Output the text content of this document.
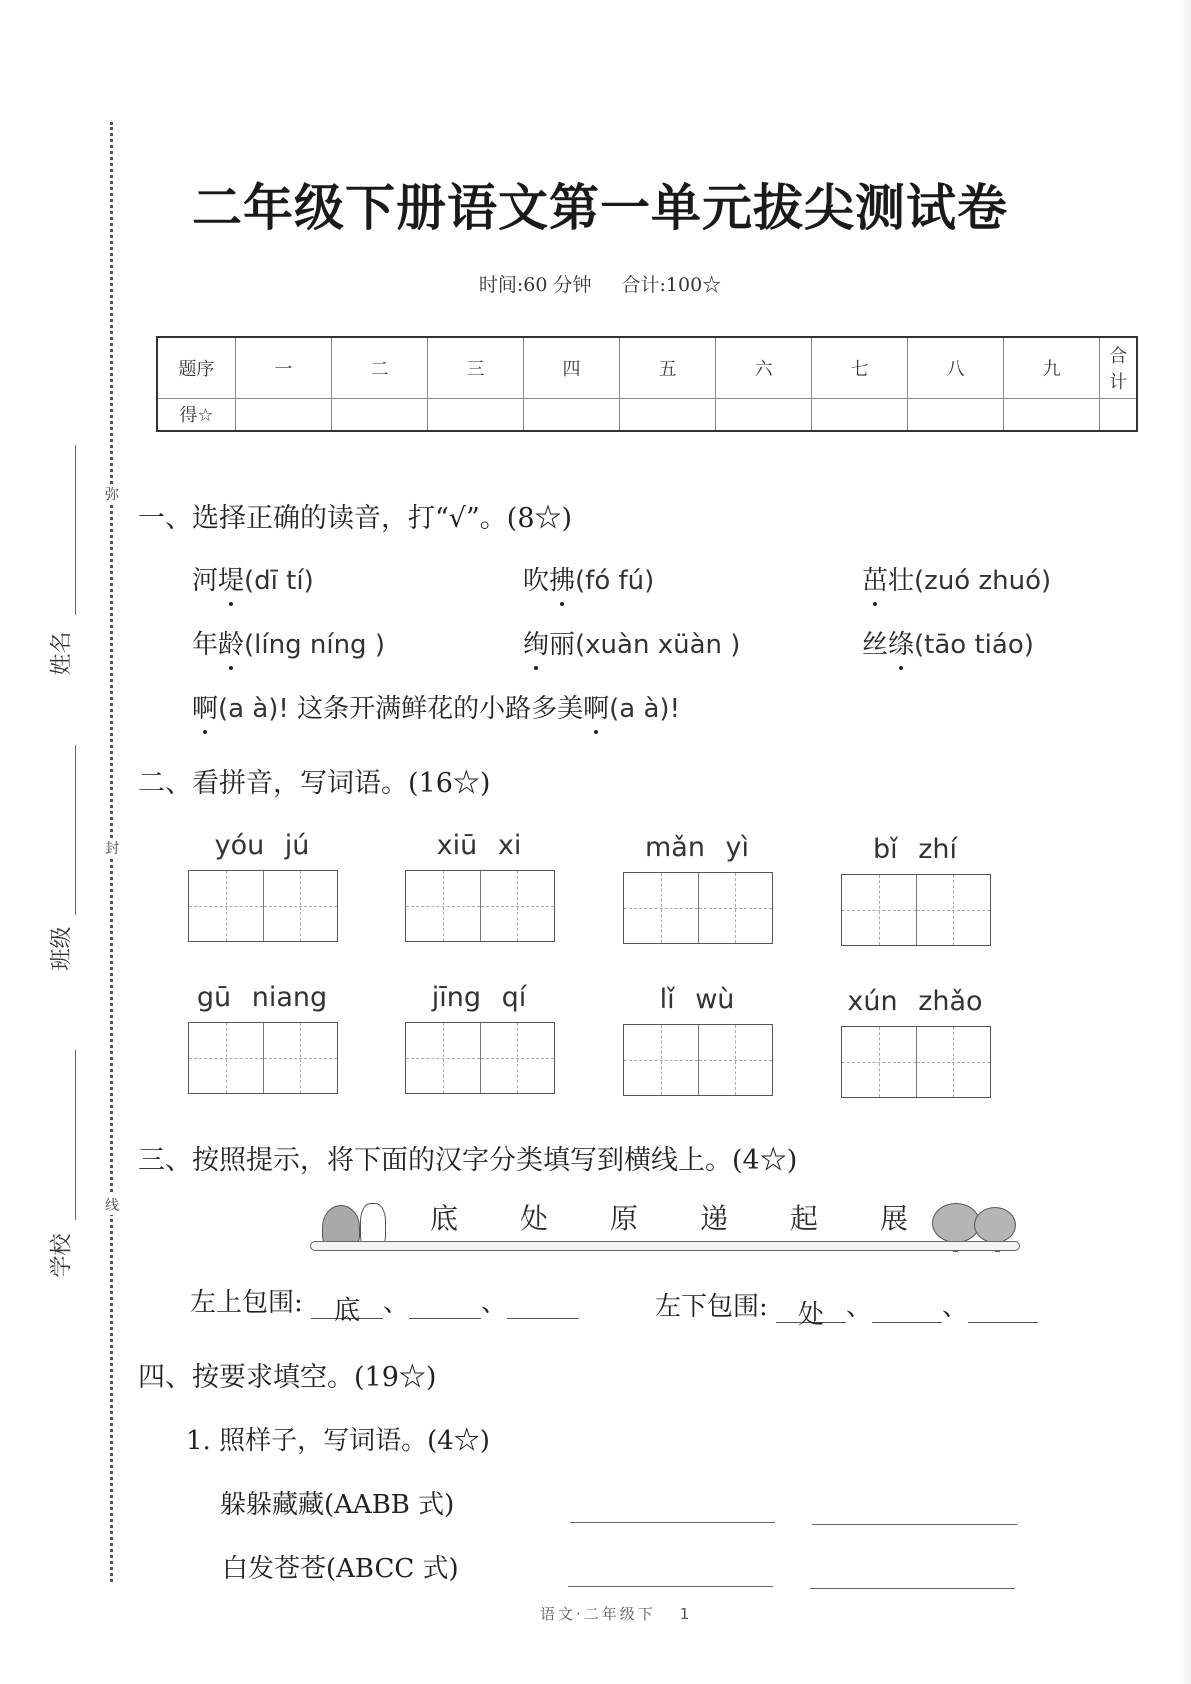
弥
封
线
姓名
班级
学校
二年级下册语文第一单元拔尖测试卷
时间:60 分钟 合计:100☆
题序	一	二	三	四	五	六	七	八	九	合计
得☆										
一、选择正确的读音，打“√”。(8☆)
河堤(dī tí)	吹拂(fó fú)	茁壮(zuó zhuó)
年龄(líng níng )	绚丽(xuàn xüàn )	丝绦(tāo tiáo)
啊(a à)! 这条开满鲜花的小路多美啊(a à)!
二、看拼音，写词语。(16☆)
yóu jú	xiū xi	mǎn yì	bǐ zhí
gū niang	jīng qí	lǐ wù	xún zhǎo
三、按照提示，将下面的汉字分类填写到横线上。(4☆)
底 处 原 递 起 展
左上包围: 底 、	、	左下包围: 处 、	、
四、按要求填空。(19☆)
1. 照样子，写词语。(4☆)
躲躲藏藏(AABB 式)
白发苍苍(ABCC 式)
语文·二年级下 1
